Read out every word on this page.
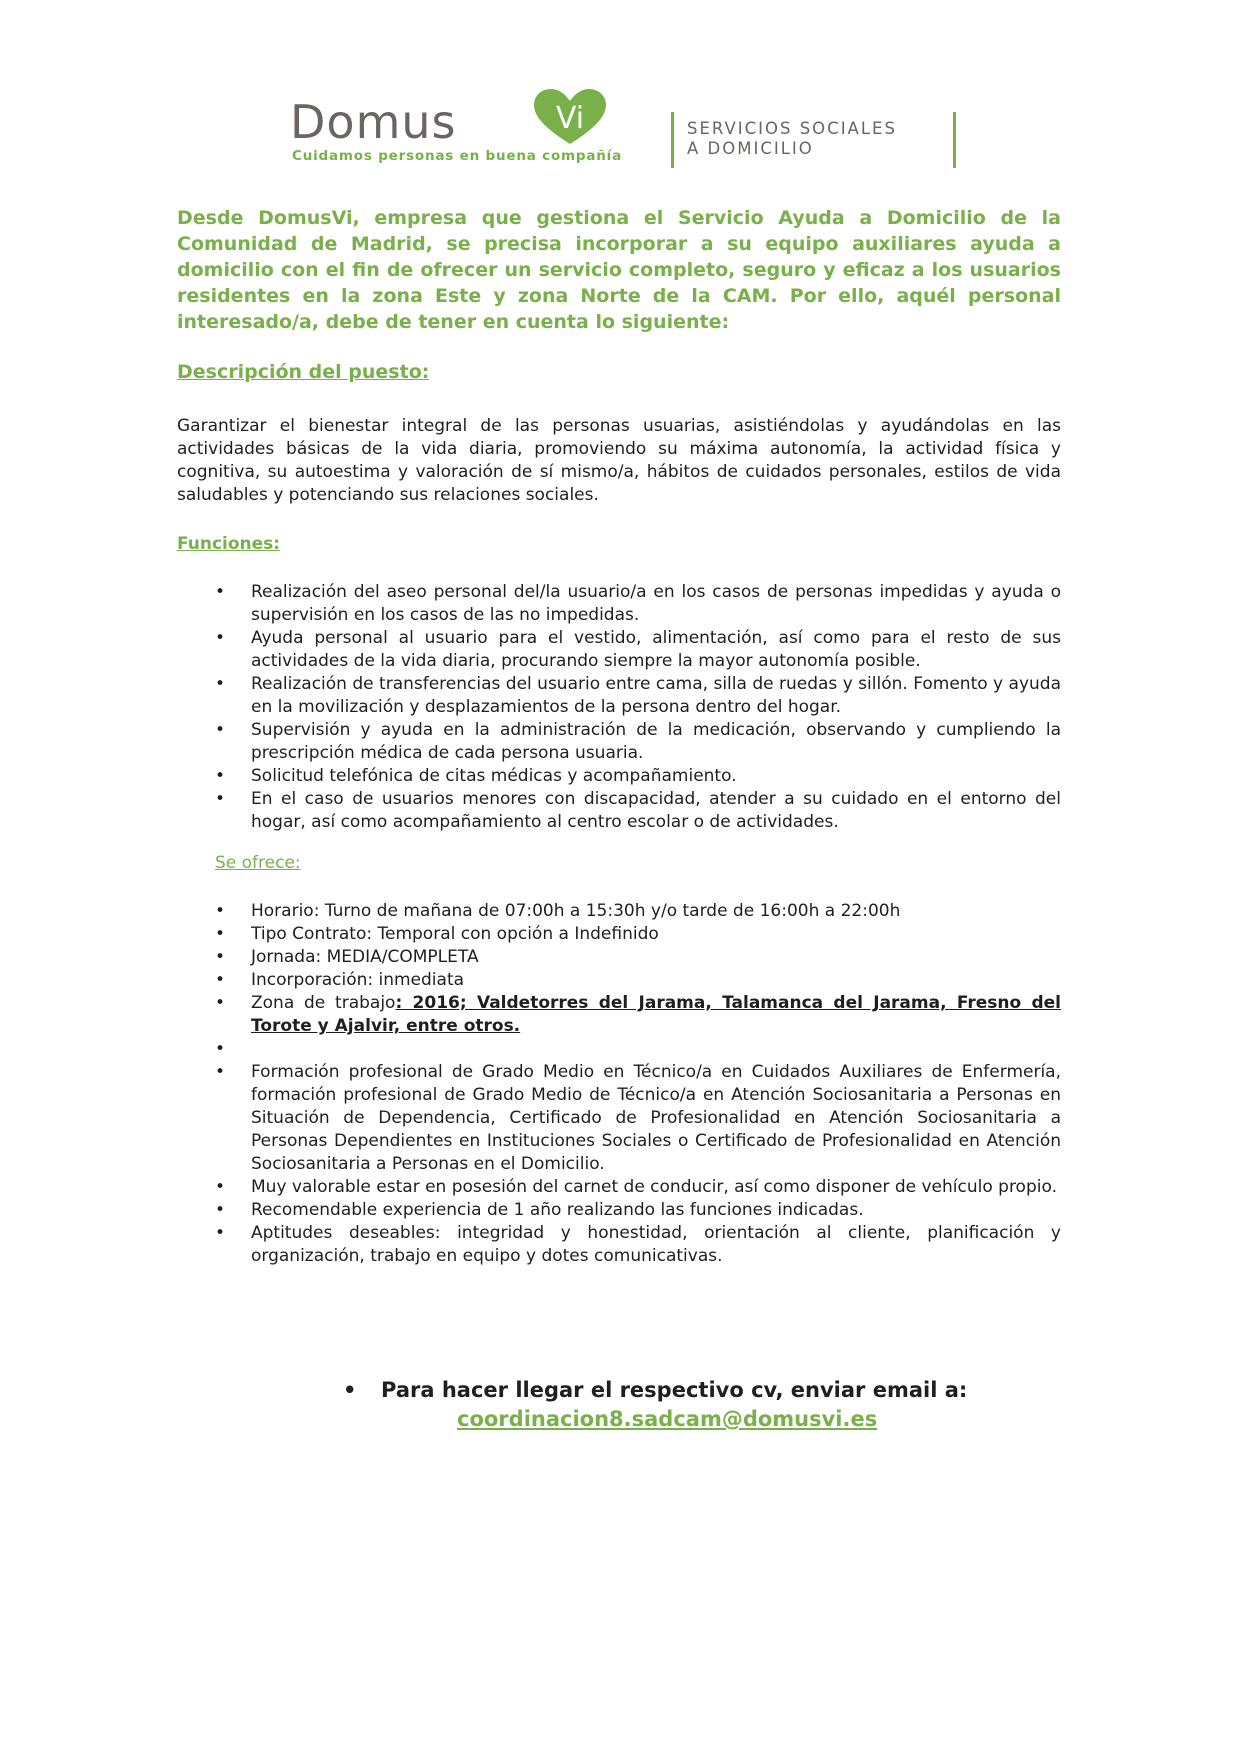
Domus	Vi
Cuidamos personas en buena compañía
SERVICIOS SOCIALES
A DOMICILIO

Desde DomusVi, empresa que gestiona el Servicio Ayuda a Domicilio de la Comunidad de Madrid, se precisa incorporar a su equipo auxiliares ayuda a domicilio con el fin de ofrecer un servicio completo, seguro y eficaz a los usuarios residentes en la zona Este y zona Norte de la CAM. Por ello, aquél personal interesado/a, debe de tener en cuenta lo siguiente:

Descripción del puesto:

Garantizar el bienestar integral de las personas usuarias, asistiéndolas y ayudándolas en las actividades básicas de la vida diaria, promoviendo su máxima autonomía, la actividad física y cognitiva, su autoestima y valoración de sí mismo/a, hábitos de cuidados personales, estilos de vida saludables y potenciando sus relaciones sociales.

Funciones:

• Realización del aseo personal del/la usuario/a en los casos de personas impedidas y ayuda o supervisión en los casos de las no impedidas.
• Ayuda personal al usuario para el vestido, alimentación, así como para el resto de sus actividades de la vida diaria, procurando siempre la mayor autonomía posible.
• Realización de transferencias del usuario entre cama, silla de ruedas y sillón. Fomento y ayuda en la movilización y desplazamientos de la persona dentro del hogar.
• Supervisión y ayuda en la administración de la medicación, observando y cumpliendo la prescripción médica de cada persona usuaria.
• Solicitud telefónica de citas médicas y acompañamiento.
• En el caso de usuarios menores con discapacidad, atender a su cuidado en el entorno del hogar, así como acompañamiento al centro escolar o de actividades.

Se ofrece:

• Horario: Turno de mañana de 07:00h a 15:30h y/o tarde de 16:00h a 22:00h
• Tipo Contrato: Temporal con opción a Indefinido
• Jornada: MEDIA/COMPLETA
• Incorporación: inmediata
• Zona de trabajo: 2016; Valdetorres del Jarama, Talamanca del Jarama, Fresno del Torote y Ajalvir, entre otros.
•
• Formación profesional de Grado Medio en Técnico/a en Cuidados Auxiliares de Enfermería, formación profesional de Grado Medio de Técnico/a en Atención Sociosanitaria a Personas en Situación de Dependencia, Certificado de Profesionalidad en Atención Sociosanitaria a Personas Dependientes en Instituciones Sociales o Certificado de Profesionalidad en Atención Sociosanitaria a Personas en el Domicilio.
• Muy valorable estar en posesión del carnet de conducir, así como disponer de vehículo propio.
• Recomendable experiencia de 1 año realizando las funciones indicadas.
• Aptitudes deseables: integridad y honestidad, orientación al cliente, planificación y organización, trabajo en equipo y dotes comunicativas.
• Para hacer llegar el respectivo cv, enviar email a:
coordinacion8.sadcam@domusvi.es
